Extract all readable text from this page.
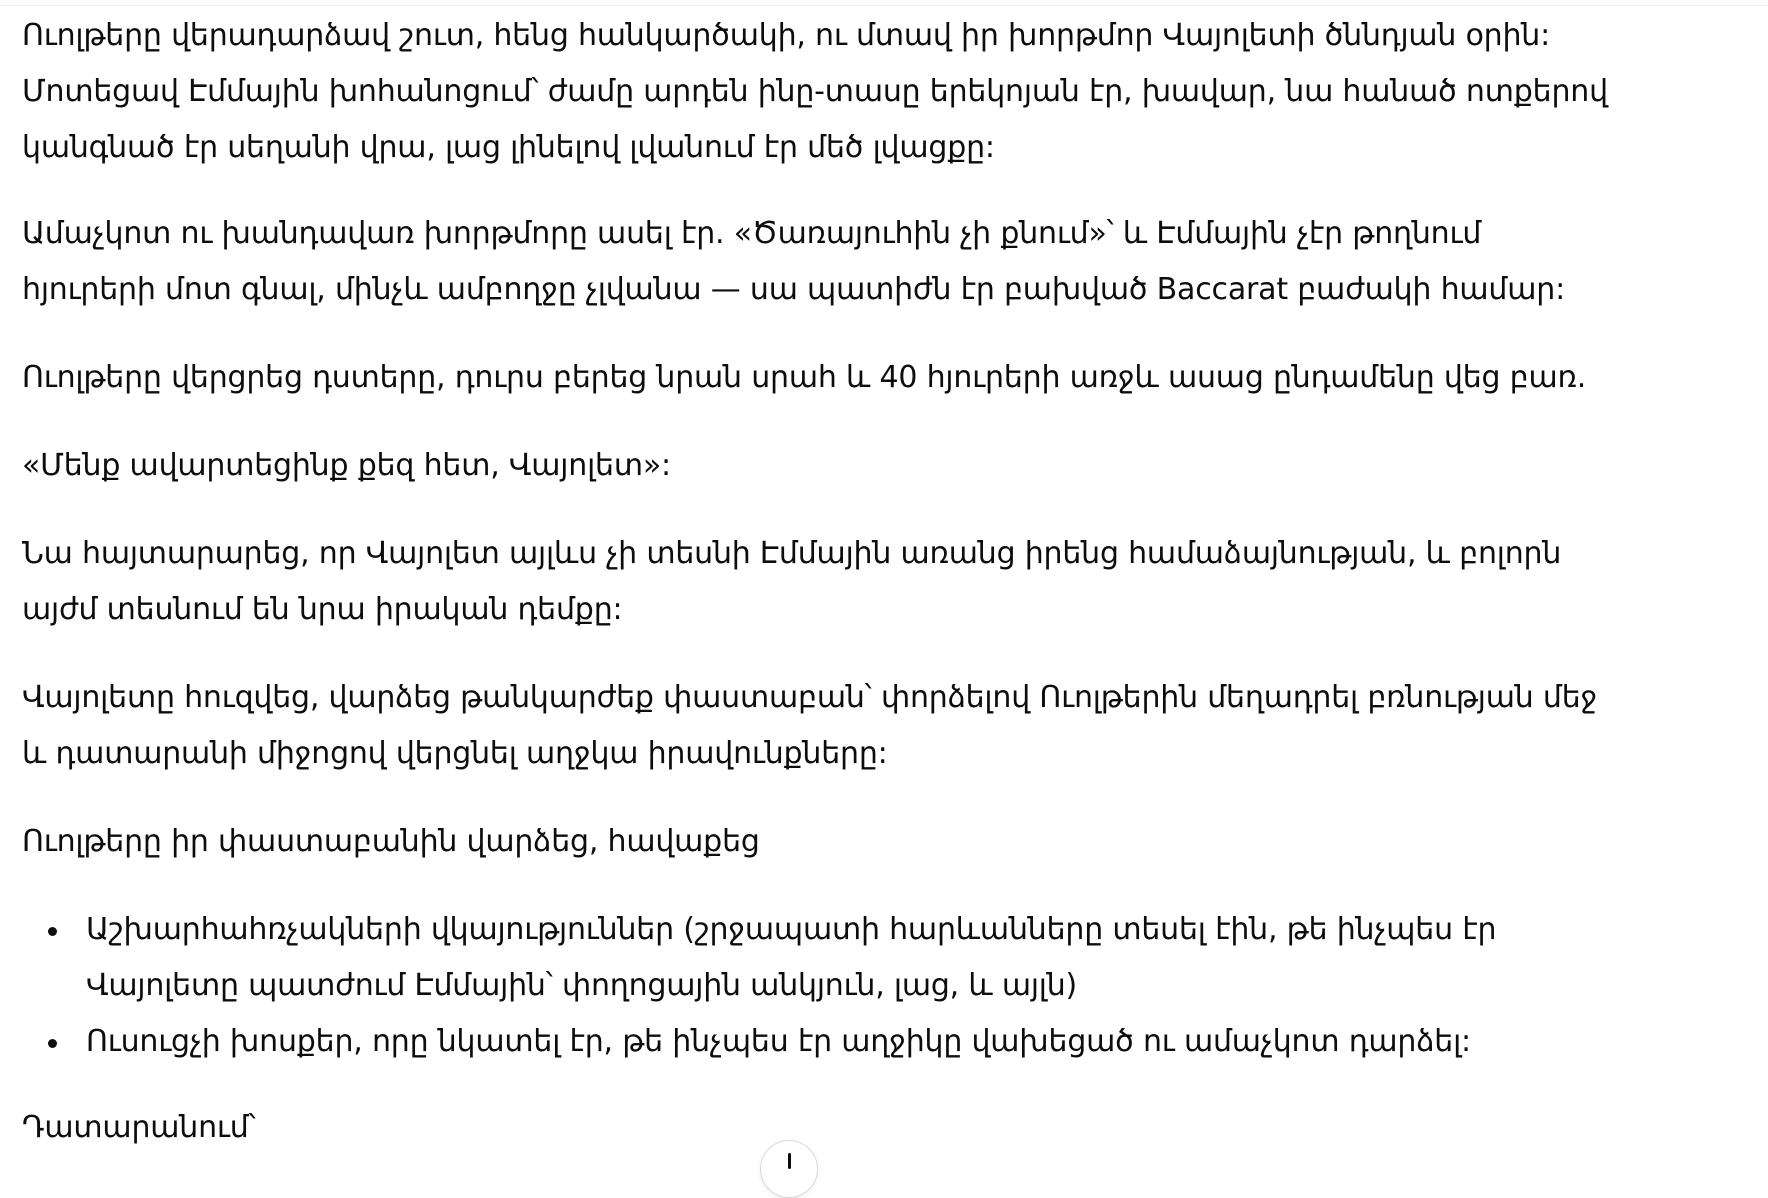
Ուոլթերը վերադարձավ շուտ, հենց հանկարծակի, ու մտավ իր խորթմոր Վայոլետի ծննդյան օրին:
Մոտեցավ Էմմային խոհանոցում՝ ժամը արդեն ինը-տասը երեկոյան էր, խավար, նա հանած ոտքերով
կանգնած էր սեղանի վրա, լաց լինելով լվանում էր մեծ լվացքը:

Ամաչկոտ ու խանդավառ խորթմորը ասել էր. «Ծառայուհին չի քնում»՝ և Էմմային չէր թողնում
հյուրերի մոտ գնալ, մինչև ամբողջը չլվանա — սա պատիժն էր բախված Baccarat բաժակի համար:

Ուոլթերը վերցրեց դստերը, դուրս բերեց նրան սրահ և 40 հյուրերի առջև ասաց ընդամենը վեց բառ.

«Մենք ավարտեցինք քեզ հետ, Վայոլետ»:

Նա հայտարարեց, որ Վայոլետ այլևս չի տեսնի Էմմային առանց իրենց համաձայնության, և բոլորն
այժմ տեսնում են նրա իրական դեմքը:

Վայոլետը հուզվեց, վարձեց թանկարժեք փաստաբան՝ փորձելով Ուոլթերին մեղադրել բռնության մեջ
և դատարանի միջոցով վերցնել աղջկա իրավունքները:

Ուոլթերը իր փաստաբանին վարձեց, հավաքեց

Աշխարհահռչակների վկայություններ (շրջապատի հարևանները տեսել էին, թե ինչպես էր
Վայոլետը պատժում Էմմային՝ փողոցային անկյուն, լաց, և այլն)
Ուսուցչի խոսքեր, որը նկատել էր, թե ինչպես էր աղջիկը վախեցած ու ամաչկոտ դարձել:

Դատարանում՝
